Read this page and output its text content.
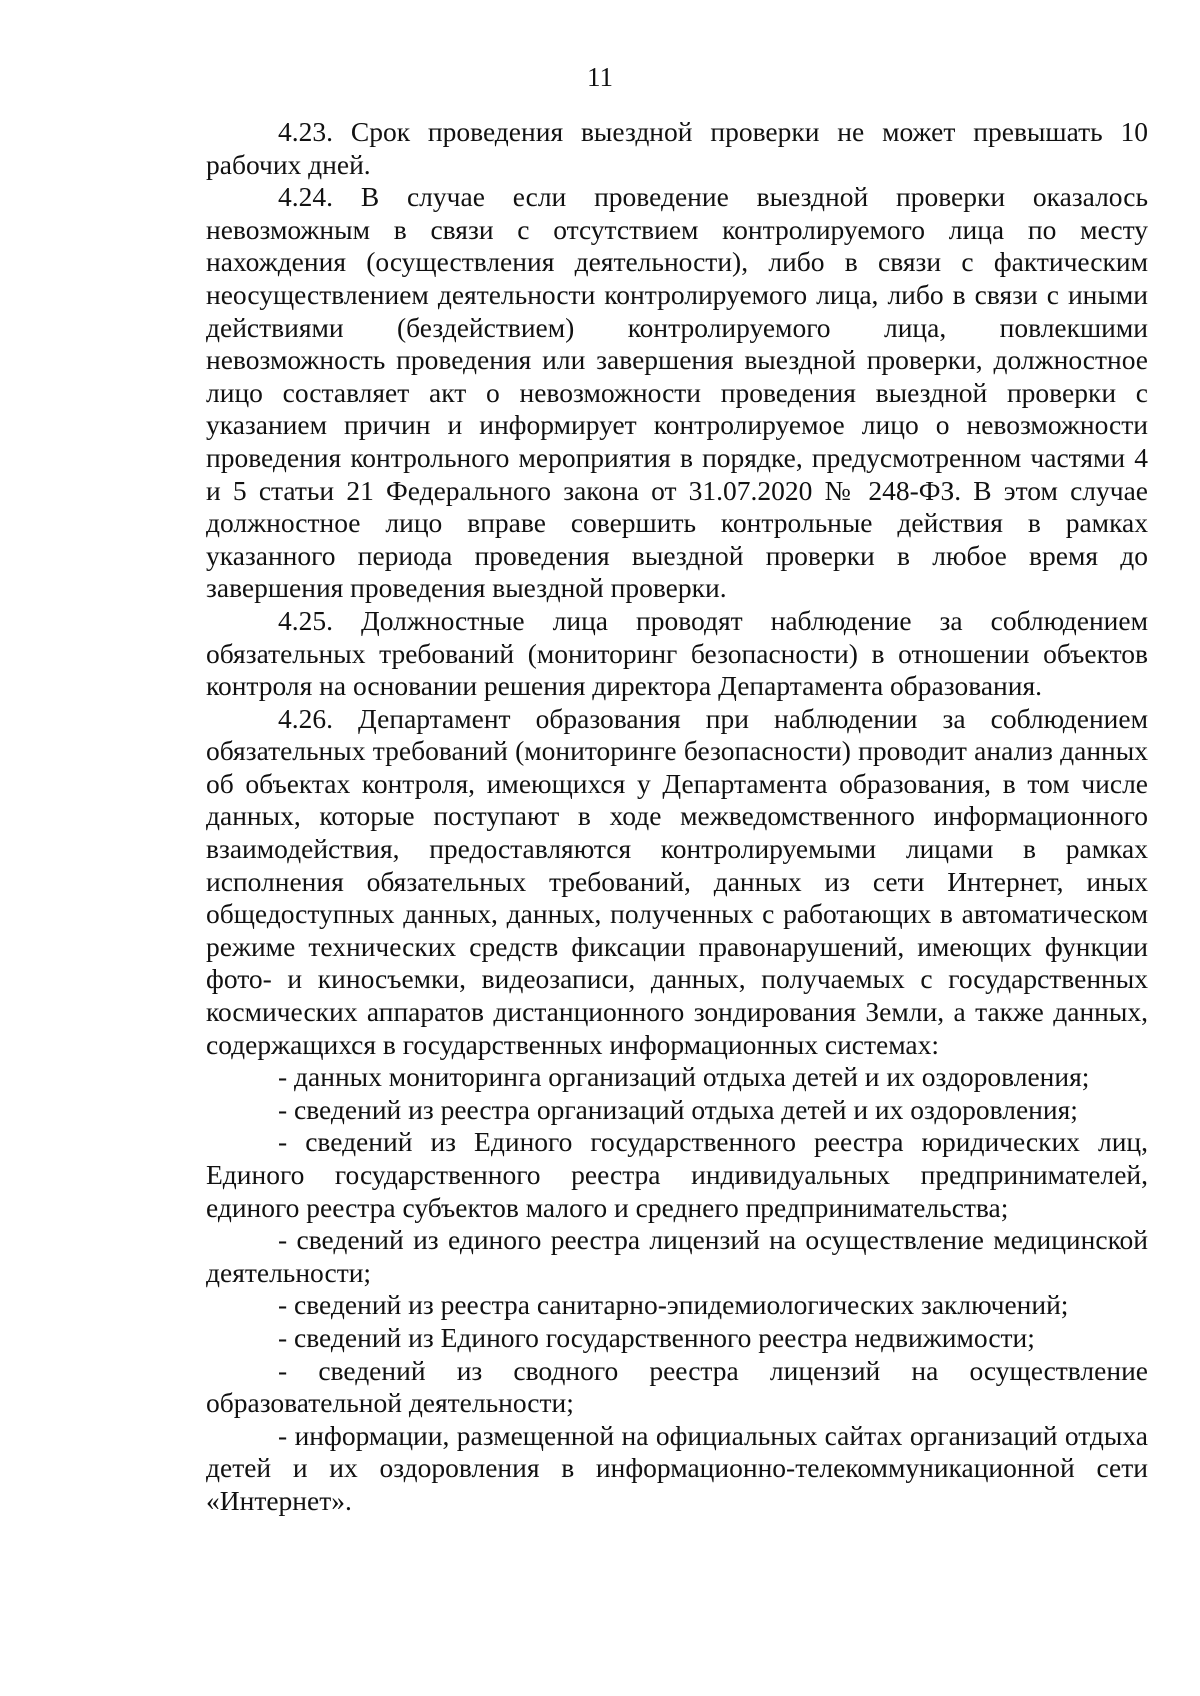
11

4.23. Срок проведения выездной проверки не может превышать 10 рабочих дней.

4.24. В случае если проведение выездной проверки оказалось невозможным в связи с отсутствием контролируемого лица по месту нахождения (осуществления деятельности), либо в связи с фактическим неосуществлением деятельности контролируемого лица, либо в связи с иными действиями (бездействием) контролируемого лица, повлекшими невозможность проведения или завершения выездной проверки, должностное лицо составляет акт о невозможности проведения выездной проверки с указанием причин и информирует контролируемое лицо о невозможности проведения контрольного мероприятия в порядке, предусмотренном частями 4 и 5 статьи 21 Федерального закона от 31.07.2020 № 248-ФЗ. В этом случае должностное лицо вправе совершить контрольные действия в рамках указанного периода проведения выездной проверки в любое время до завершения проведения выездной проверки.

4.25. Должностные лица проводят наблюдение за соблюдением обязательных требований (мониторинг безопасности) в отношении объектов контроля на основании решения директора Департамента образования.

4.26. Департамент образования при наблюдении за соблюдением обязательных требований (мониторинге безопасности) проводит анализ данных об объектах контроля, имеющихся у Департамента образования, в том числе данных, которые поступают в ходе межведомственного информационного взаимодействия, предоставляются контролируемыми лицами в рамках исполнения обязательных требований, данных из сети Интернет, иных общедоступных данных, данных, полученных с работающих в автоматическом режиме технических средств фиксации правонарушений, имеющих функции фото- и киносъемки, видеозаписи, данных, получаемых с государственных космических аппаратов дистанционного зондирования Земли, а также данных, содержащихся в государственных информационных системах:

- данных мониторинга организаций отдыха детей и их оздоровления;

- сведений из реестра организаций отдыха детей и их оздоровления;

- сведений из Единого государственного реестра юридических лиц, Единого государственного реестра индивидуальных предпринимателей, единого реестра субъектов малого и среднего предпринимательства;

- сведений из единого реестра лицензий на осуществление медицинской деятельности;

- сведений из реестра санитарно-эпидемиологических заключений;

- сведений из Единого государственного реестра недвижимости;

- сведений из сводного реестра лицензий на осуществление образовательной деятельности;

- информации, размещенной на официальных сайтах организаций отдыха детей и их оздоровления в информационно-телекоммуникационной сети «Интернет».
